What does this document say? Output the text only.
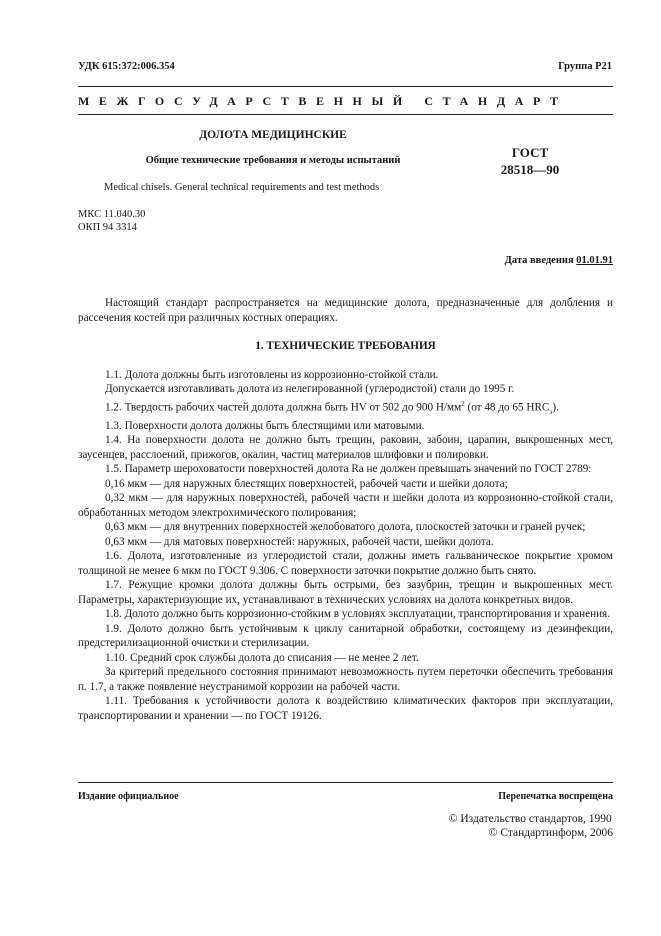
УДК 615:372:006.354	Группа Р21
МЕЖГОСУДАРСТВЕННЫЙ СТАНДАРТ
ДОЛОТА МЕДИЦИНСКИЕ
Общие технические требования и методы испытаний
Medical chisels. General technical requirements and test methods
ГОСТ
28518—90
МКС 11.040.30
ОКП 94 3314
Дата введения 01.01.91

Настоящий стандарт распространяется на медицинские долота, предназначенные для долбления и рассечения костей при различных костных операциях.

1. ТЕХНИЧЕСКИЕ ТРЕБОВАНИЯ

1.1. Долота должны быть изготовлены из коррозионно-стойкой стали.

Допускается изготавливать долота из нелегированной (углеродистой) стали до 1995 г.

1.2. Твердость рабочих частей долота должна быть HV от 502 до 900 $Н/мм^2$ (от 48 до 65 $HRC_э$).

1.3. Поверхности долота должны быть блестящими или матовыми.

1.4. На поверхности долота не должно быть трещин, раковин, забоин, царапин, выкрошенных мест, заусенцев, расслоений, прижогов, окалин, частиц материалов шлифовки и полировки.

1.5. Параметр шероховатости поверхностей долота Ra не должен превышать значений по ГОСТ 2789:

0,16 мкм — для наружных блестящих поверхностей, рабочей части и шейки долота;

0,32 мкм — для наружных поверхностей, рабочей части и шейки долота из коррозионно-стойкой стали, обработанных методом электрохимического полирования;

0,63 мкм — для внутренних поверхностей желобоватого долота, плоскостей заточки и граней ручек;

0,63 мкм — для матовых поверхностей: наружных, рабочей части, шейки долота.

1.6. Долота, изготовленные из углеродистой стали, должны иметь гальваническое покрытие хромом толщиной не менее 6 мкм по ГОСТ 9.306. С поверхности заточки покрытие должно быть снято.

1.7. Режущие кромки долота должны быть острыми, без зазубрин, трещин и выкрошенных мест. Параметры, характеризующие их, устанавливают в технических условиях на долота конкретных видов.

1.8. Долото должно быть коррозионно-стойким в условиях эксплуатации, транспортирования и хранения.

1.9. Долото должно быть устойчивым к циклу санитарной обработки, состоящему из дезинфекции, предстерилизационной очистки и стерилизации.

1.10. Средний срок службы долота до списания — не менее 2 лет.

За критерий предельного состояния принимают невозможность путем переточки обеспечить требования п. 1.7, а также появление неустранимой коррозии на рабочей части.

1.11. Требования к устойчивости долота к воздействию климатических факторов при эксплуатации, транспортировании и хранении — по ГОСТ 19126.

Издание официальное	Перепечатка воспрещена
© Издательство стандартов, 1990
© Стандартинформ, 2006
